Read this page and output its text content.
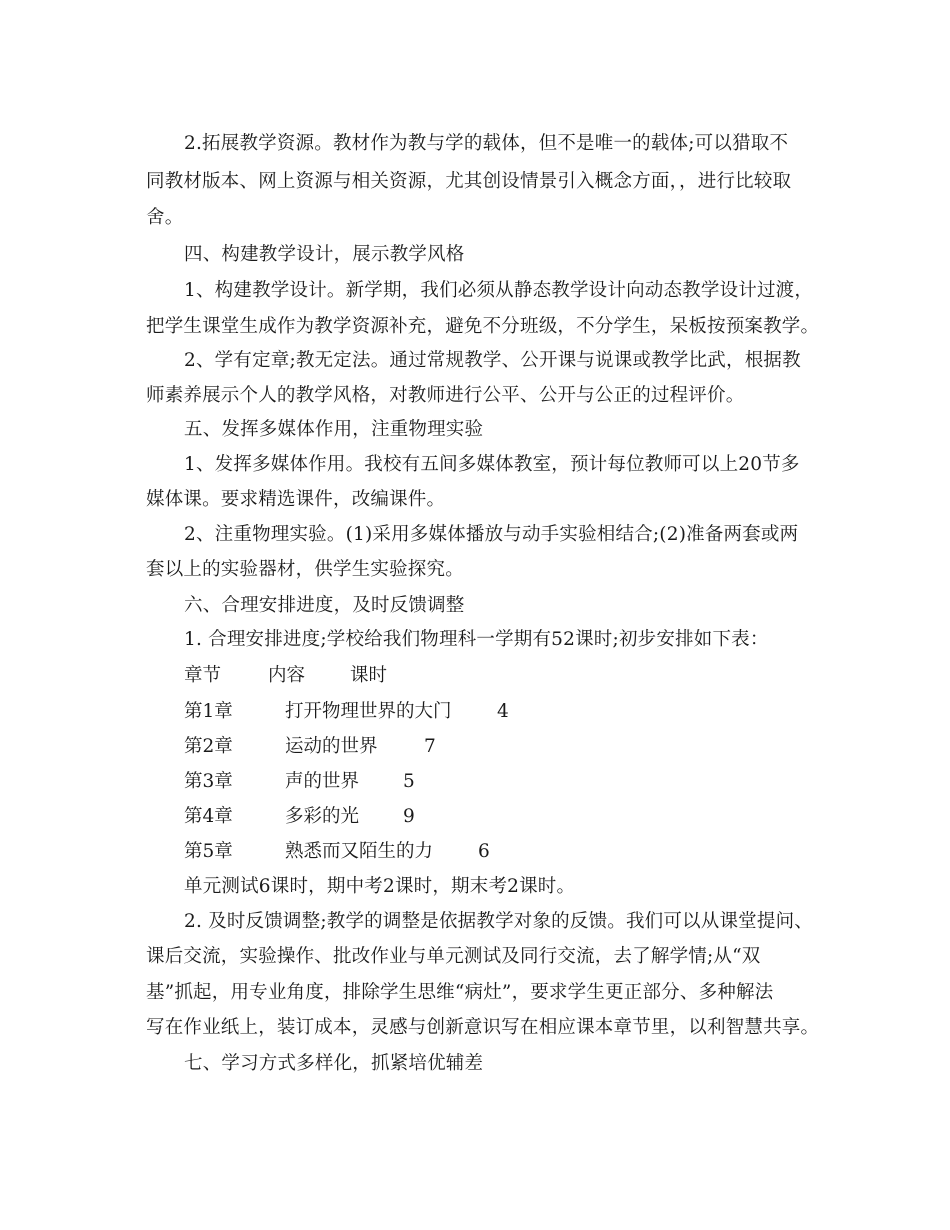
2.拓展教学资源。教材作为教与学的载体，但不是唯一的载体;可以猎取不
同教材版本、网上资源与相关资源，尤其创设情景引入概念方面，，进行比较取
舍。
四、构建教学设计，展示教学风格
1、构建教学设计。新学期，我们必须从静态教学设计向动态教学设计过渡，
把学生课堂生成作为教学资源补充，避免不分班级，不分学生，呆板按预案教学。
2、学有定章;教无定法。通过常规教学、公开课与说课或教学比武，根据教
师素养展示个人的教学风格，对教师进行公平、公开与公正的过程评价。
五、发挥多媒体作用，注重物理实验
1、发挥多媒体作用。我校有五间多媒体教室，预计每位教师可以上20节多
媒体课。要求精选课件，改编课件。
2、注重物理实验。(1)采用多媒体播放与动手实验相结合;(2)准备两套或两
套以上的实验器材，供学生实验探究。
六、合理安排进度，及时反馈调整
1. 合理安排进度;学校给我们物理科一学期有52课时;初步安排如下表：
章节	内容 课时
第1章	打开物理世界的大门 4
第2章	运动的世界	7
第3章	声的世界 5
第4章	多彩的光 9
第5章	熟悉而又陌生的力 6
单元测试6课时，期中考2课时，期末考2课时。
2. 及时反馈调整;教学的调整是依据教学对象的反馈。我们可以从课堂提问、
课后交流，实验操作、批改作业与单元测试及同行交流，去了解学情;从“双
基”抓起，用专业角度，排除学生思维“病灶”，要求学生更正部分、多种解法
写在作业纸上，装订成本，灵感与创新意识写在相应课本章节里，以利智慧共享。
七、学习方式多样化，抓紧培优辅差
